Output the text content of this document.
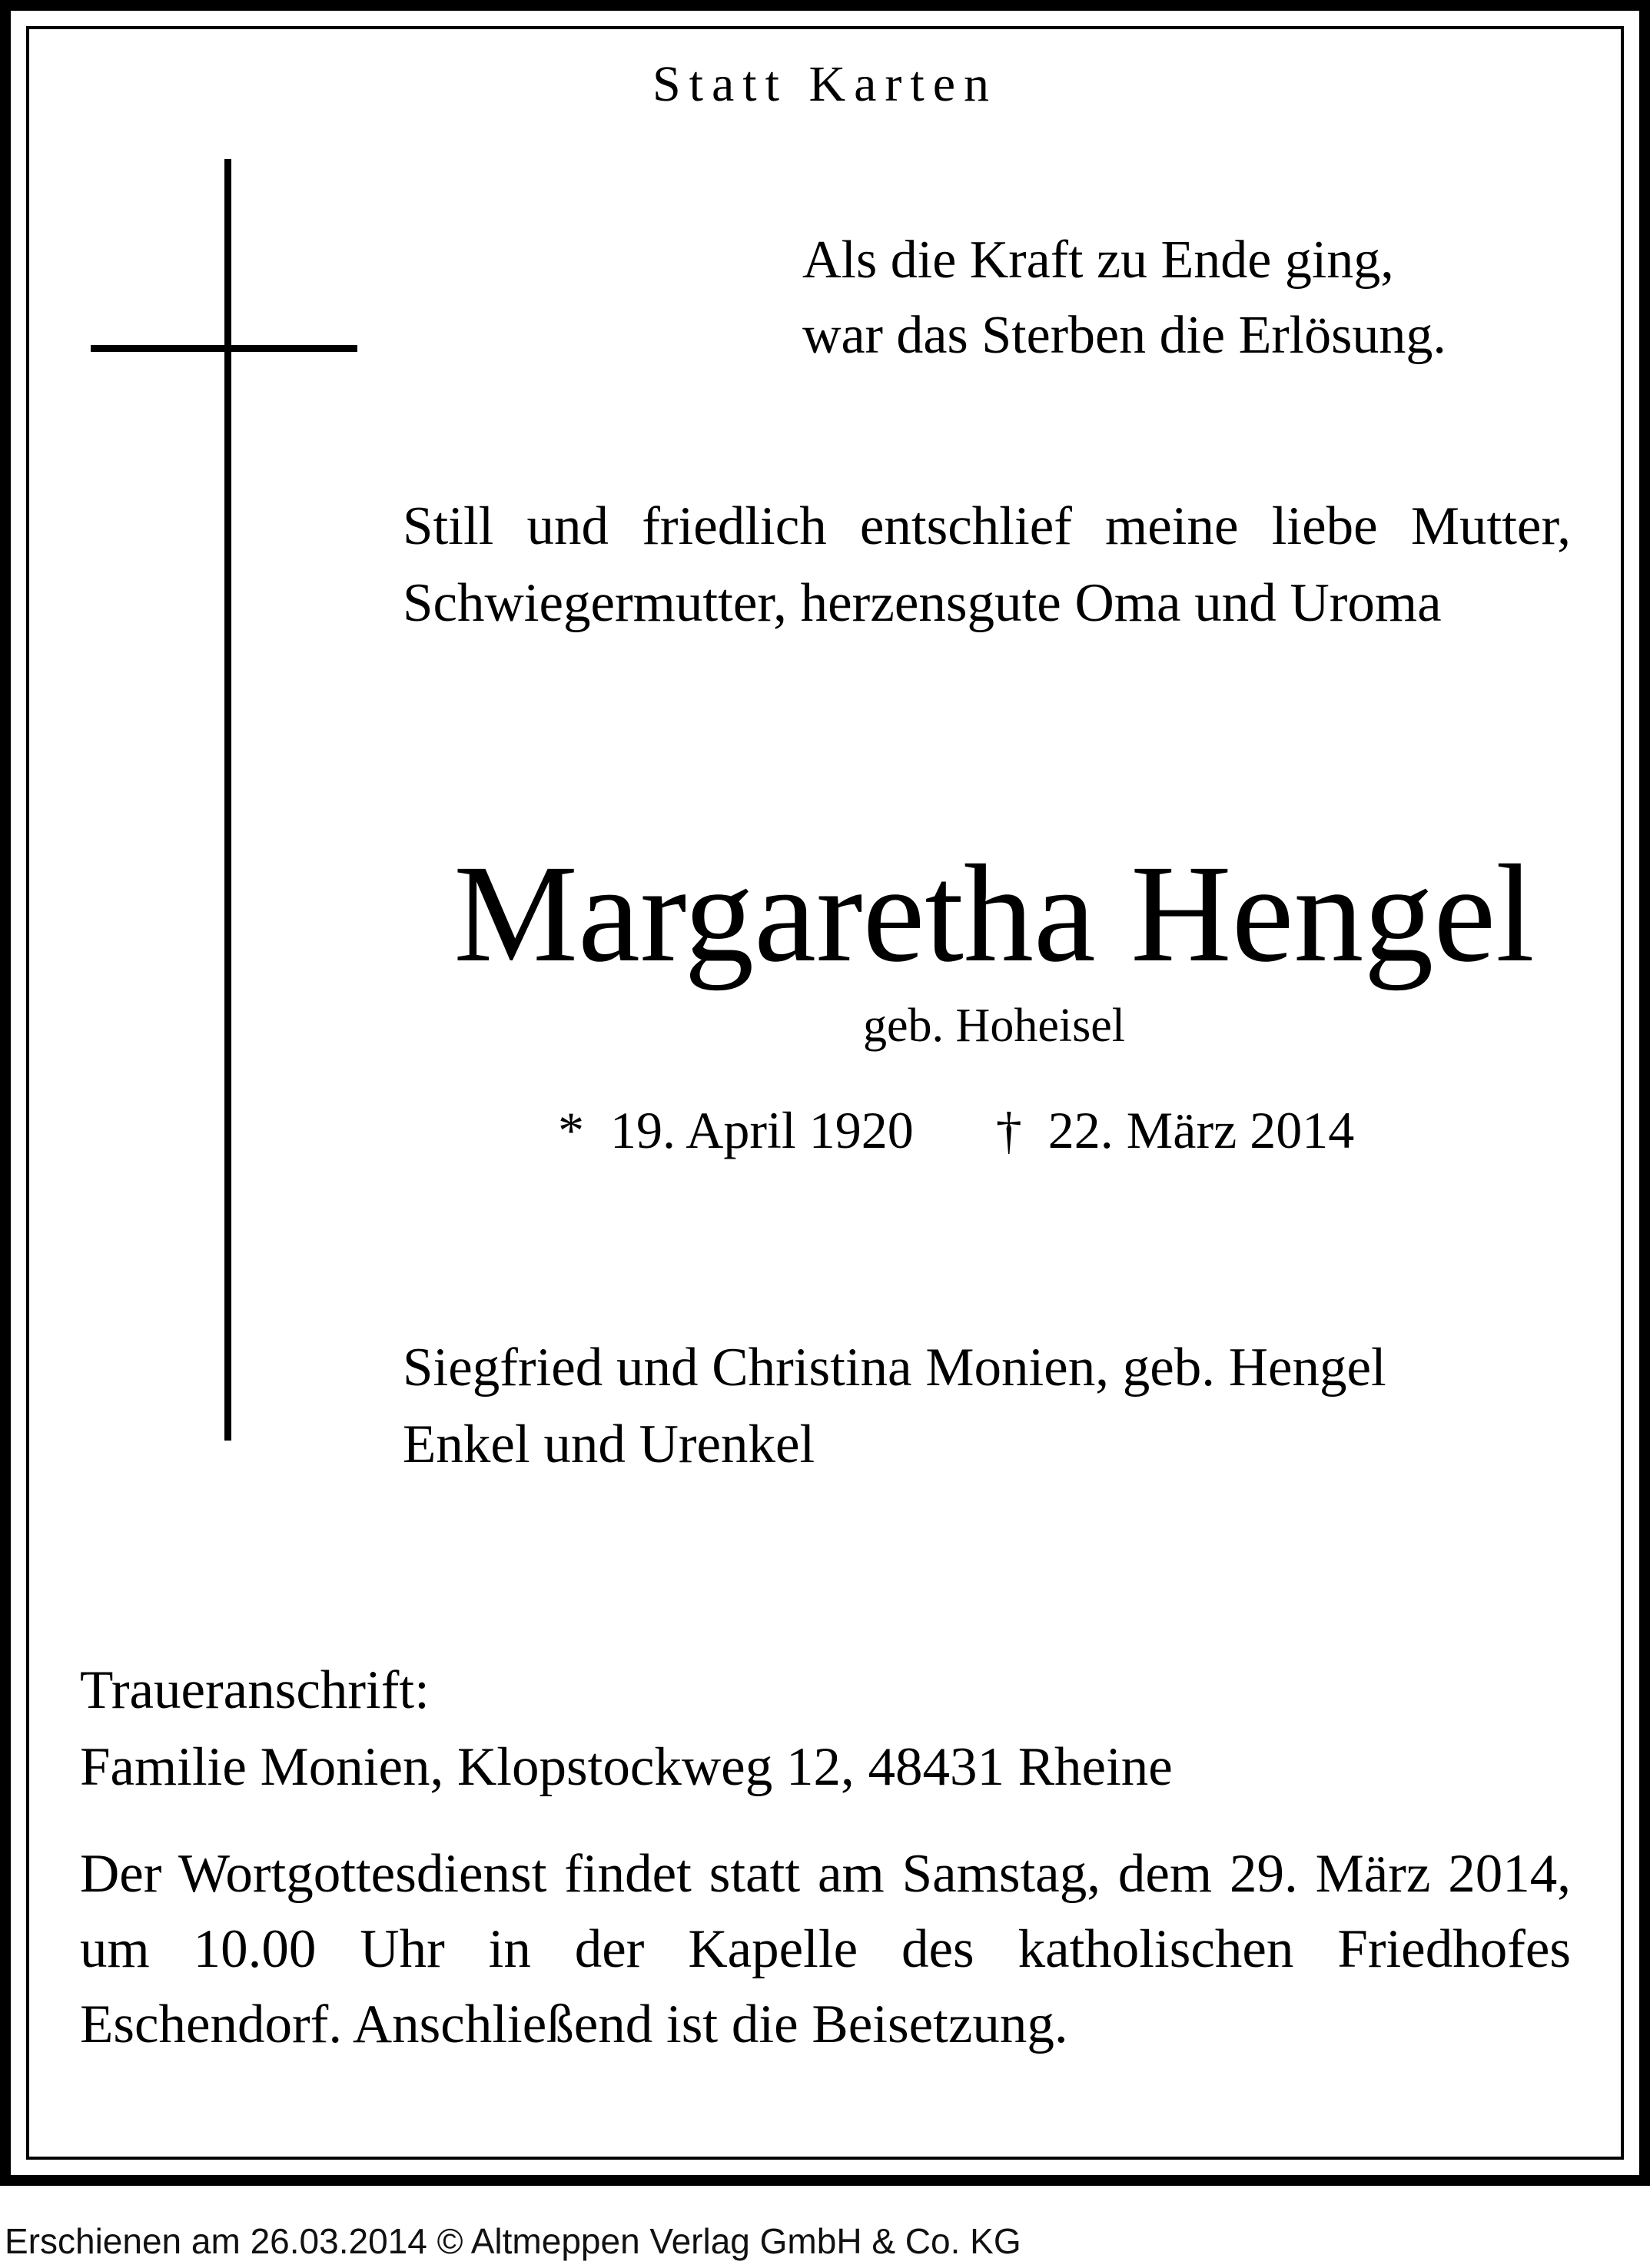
Statt Karten
Als die Kraft zu Ende ging,
war das Sterben die Erlösung.
Still und friedlich entschlief meine liebe Mutter, Schwiegermutter, herzensgute Oma und Uroma
Margaretha Hengel
geb. Hoheisel
* 19. April 1920 † 22. März 2014
Siegfried und Christina Monien, geb. Hengel
Enkel und Urenkel
Traueranschrift:
Familie Monien, Klopstockweg 12, 48431 Rheine
Der Wortgottesdienst findet statt am Samstag, dem 29. März 2014, um 10.00 Uhr in der Kapelle des katholischen Friedhofes Eschendorf. Anschließend ist die Beisetzung.
Erschienen am 26.03.2014 © Altmeppen Verlag GmbH & Co. KG
